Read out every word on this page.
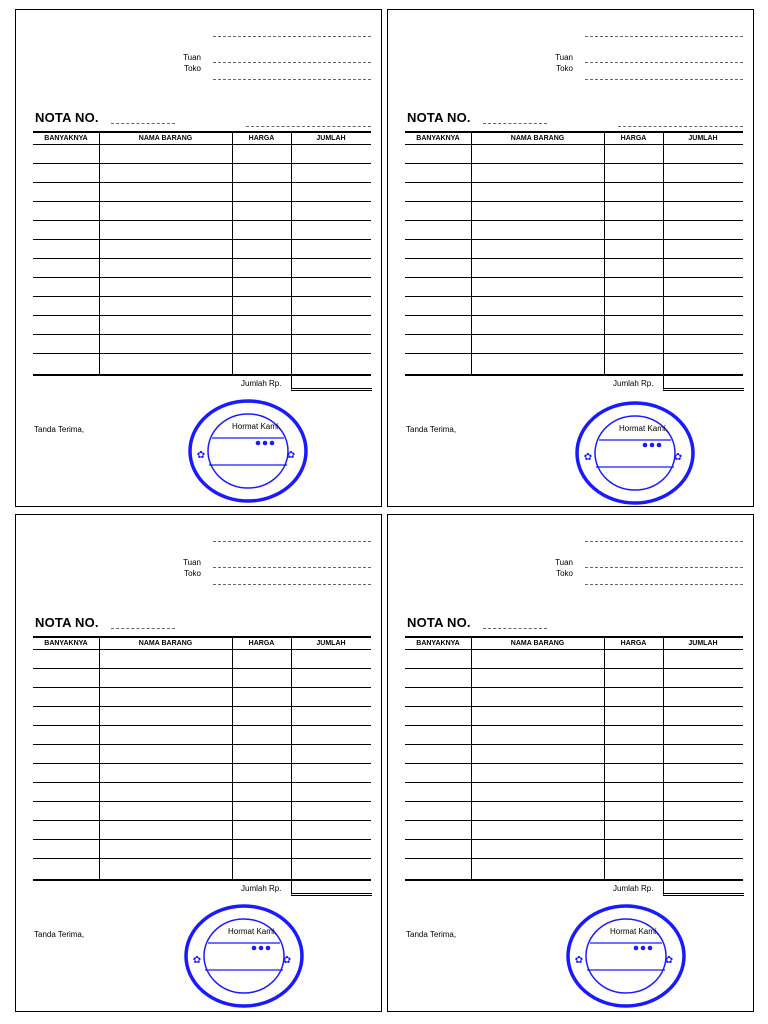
Tuan
Toko
NOTA NO.
BANYAKNYA	NAMA BARANG	HARGA	JUMLAH
Jumlah Rp.
Tanda Terima,
✿	✿
Hormat Kami,
Tuan
Toko
NOTA NO.
BANYAKNYA	NAMA BARANG	HARGA	JUMLAH
Jumlah Rp.
Tanda Terima,
✿	✿
Hormat Kami,
Tuan
Toko
NOTA NO.
BANYAKNYA	NAMA BARANG	HARGA	JUMLAH
Jumlah Rp.
Tanda Terima,
✿	✿
Hormat Kami,
Tuan
Toko
NOTA NO.
BANYAKNYA	NAMA BARANG	HARGA	JUMLAH
Jumlah Rp.
Tanda Terima,
✿	✿
Hormat Kami,
